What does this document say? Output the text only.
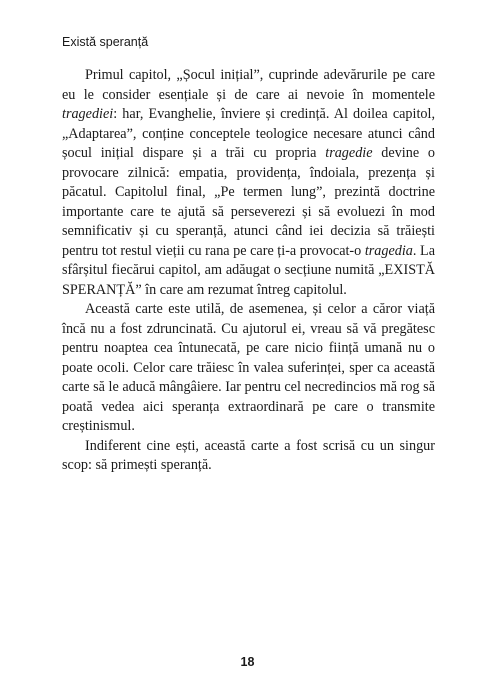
Există speranță

Primul capitol, „Șocul inițial”, cuprinde adevărurile pe care eu le consider esențiale și de care ai nevoie în momentele tragediei: har, Evanghelie, înviere și credință. Al doilea capitol, „Adaptarea”, conține conceptele teologice necesare atunci când șocul inițial dispare și a trăi cu propria tragedie devine o provocare zilnică: empatia, providența, îndoiala, prezența și păcatul. Capitolul final, „Pe termen lung”, prezintă doctrine importante care te ajută să perseverezi și să evoluezi în mod semnificativ și cu speranță, atunci când iei decizia să trăiești pentru tot restul vieții cu rana pe care ți-a provocat-o tragedia. La sfârșitul fiecărui capitol, am adăugat o secțiune numită „EXISTĂ SPERANȚĂ” în care am rezumat întreg capitolul.

Această carte este utilă, de asemenea, și celor a căror viață încă nu a fost zdruncinată. Cu ajutorul ei, vreau să vă pregătesc pentru noaptea cea întunecată, pe care nicio ființă umană nu o poate ocoli. Celor care trăiesc în valea suferinței, sper ca această carte să le aducă mângâiere. Iar pentru cel necredincios mă rog să poată vedea aici speranța extraordinară pe care o transmite creștinismul.

Indiferent cine ești, această carte a fost scrisă cu un singur scop: să primești speranță.

18
